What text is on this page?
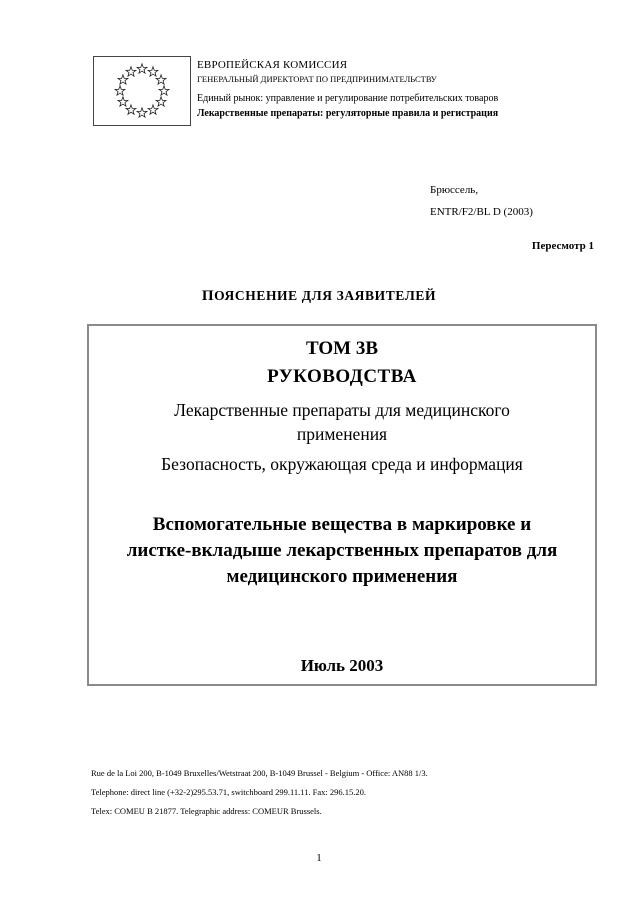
ЕВРОПЕЙСКАЯ КОМИССИЯ
ГЕНЕРАЛЬНЫЙ ДИРЕКТОРАТ ПО ПРЕДПРИНИМАТЕЛЬСТВУ
Единый рынок: управление и регулирование потребительских товаров
Лекарственные препараты: регуляторные правила и регистрация
Брюссель,
ENTR/F2/BL D (2003)
Пересмотр 1
ПОЯСНЕНИЕ ДЛЯ ЗАЯВИТЕЛЕЙ
ТОМ 3В
РУКОВОДСТВА
Лекарственные препараты для медицинского
применения
Безопасность, окружающая среда и информация
Вспомогательные вещества в маркировке и
листке-вкладыше лекарственных препаратов для
медицинского применения
Июль 2003
Rue de la Loi 200, B-1049 Bruxelles/Wetstraat 200, B-1049 Brussel - Belgium - Office: AN88 1/3.
Telephone: direct line (+32-2)295.53.71, switchboard 299.11.11. Fax: 296.15.20.
Telex: COMEU B 21877. Telegraphic address: COMEUR Brussels.
1
